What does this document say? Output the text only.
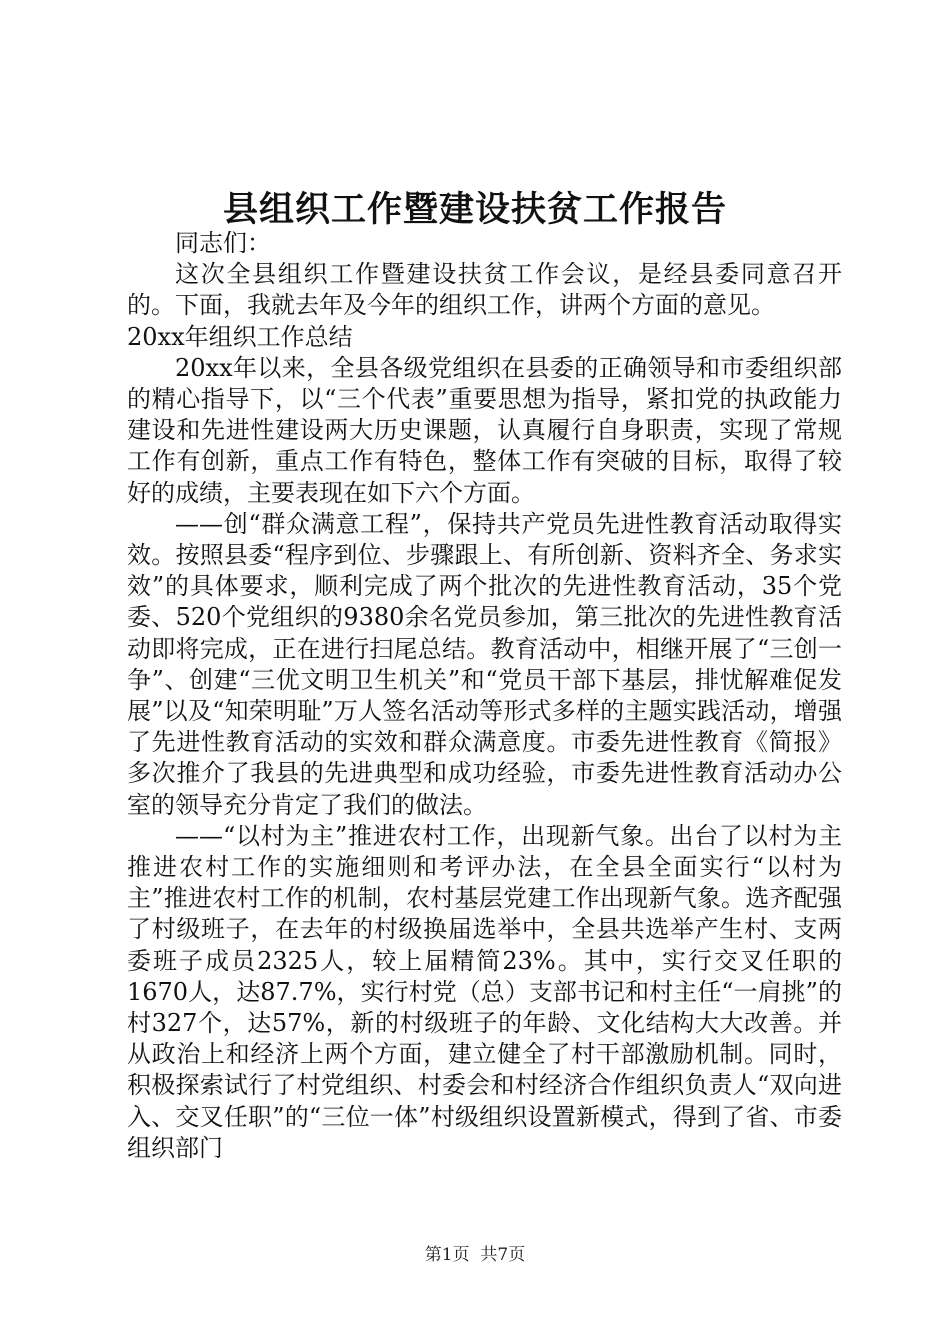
县组织工作暨建设扶贫工作报告

同志们：

这次全县组织工作暨建设扶贫工作会议，是经县委同意召开的。下面，我就去年及今年的组织工作，讲两个方面的意见。

20xx年组织工作总结

20xx年以来，全县各级党组织在县委的正确领导和市委组织部的精心指导下，以“三个代表”重要思想为指导，紧扣党的执政能力建设和先进性建设两大历史课题，认真履行自身职责，实现了常规工作有创新，重点工作有特色，整体工作有突破的目标，取得了较好的成绩，主要表现在如下六个方面。

——创“群众满意工程”，保持共产党员先进性教育活动取得实效。按照县委“程序到位、步骤跟上、有所创新、资料齐全、务求实效”的具体要求，顺利完成了两个批次的先进性教育活动，35个党委、520个党组织的9380余名党员参加，第三批次的先进性教育活动即将完成，正在进行扫尾总结。教育活动中，相继开展了“三创一争”、创建“三优文明卫生机关”和“党员干部下基层，排忧解难促发展”以及“知荣明耻”万人签名活动等形式多样的主题实践活动，增强了先进性教育活动的实效和群众满意度。市委先进性教育《简报》多次推介了我县的先进典型和成功经验，市委先进性教育活动办公室的领导充分肯定了我们的做法。

——“以村为主”推进农村工作，出现新气象。出台了以村为主推进农村工作的实施细则和考评办法，在全县全面实行“以村为主”推进农村工作的机制，农村基层党建工作出现新气象。选齐配强了村级班子，在去年的村级换届选举中，全县共选举产生村、支两委班子成员2325人，较上届精简23%。其中，实行交叉任职的1670人，达87.7%，实行村党（总）支部书记和村主任“一肩挑”的村327个，达57%，新的村级班子的年龄、文化结构大大改善。并从政治上和经济上两个方面，建立健全了村干部激励机制。同时，积极探索试行了村党组织、村委会和村经济合作组织负责人“双向进入、交叉任职”的“三位一体”村级组织设置新模式，得到了省、市委组织部门

第1页 共7页
